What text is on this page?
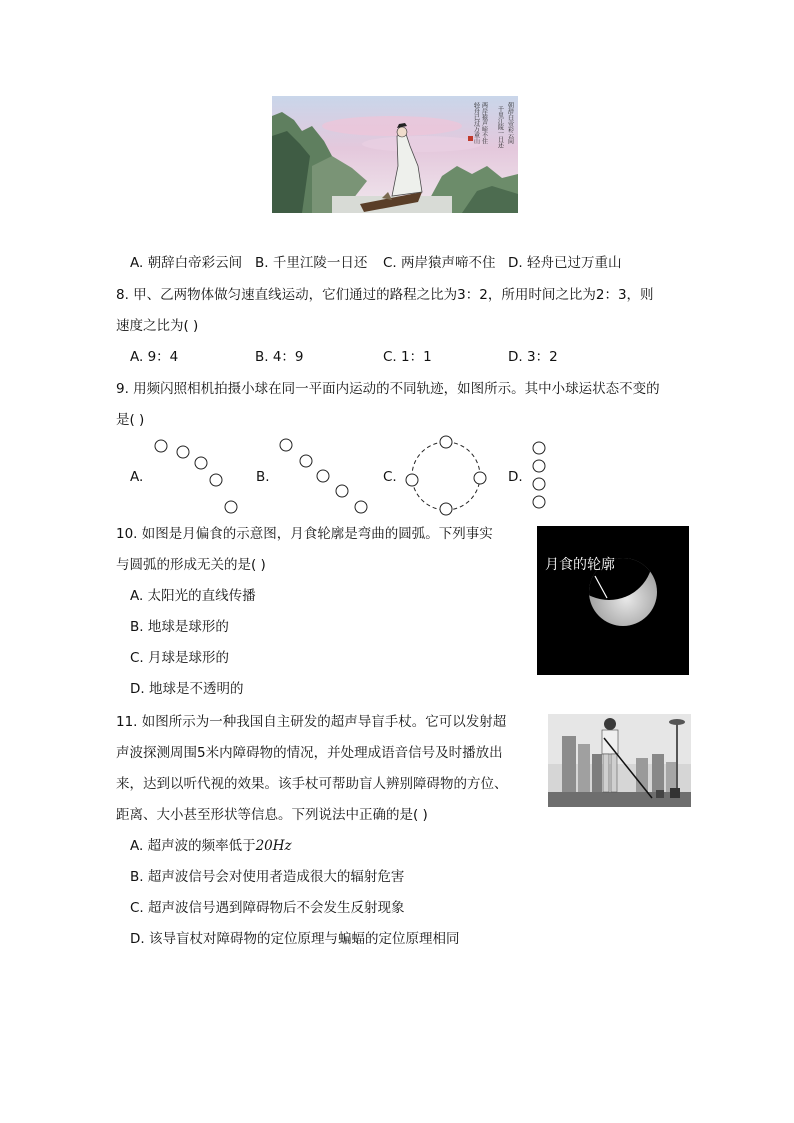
朝辞白帝彩云间
千里江陵一日还
两岸猿声啼不住
轻舟已过万重山
A. 朝辞白帝彩云间 B. 千里江陵一日还 C. 两岸猿声啼不住 D. 轻舟已过万重山
8. 甲、乙两物体做匀速直线运动，它们通过的路程之比为3：2，所用时间之比为2：3，则
速度之比为( )
A. 9：4	B. 4：9	C. 1：1	D. 3：2
9. 用频闪照相机拍摄小球在同一平面内运动的不同轨迹，如图所示。其中小球运状态不变的
是( )
A.	B.	C.	D.
10. 如图是月偏食的示意图，月食轮廓是弯曲的圆弧。下列事实
与圆弧的形成无关的是( )
A. 太阳光的直线传播
B. 地球是球形的
C. 月球是球形的
D. 地球是不透明的
月食的轮廓
11. 如图所示为一种我国自主研发的超声导盲手杖。它可以发射超
声波探测周围5米内障碍物的情况，并处理成语音信号及时播放出
来，达到以听代视的效果。该手杖可帮助盲人辨别障碍物的方位、
距离、大小甚至形状等信息。下列说法中正确的是( )
A. 超声波的频率低于20Hz
B. 超声波信号会对使用者造成很大的辐射危害
C. 超声波信号遇到障碍物后不会发生反射现象
D. 该导盲杖对障碍物的定位原理与蝙蝠的定位原理相同
